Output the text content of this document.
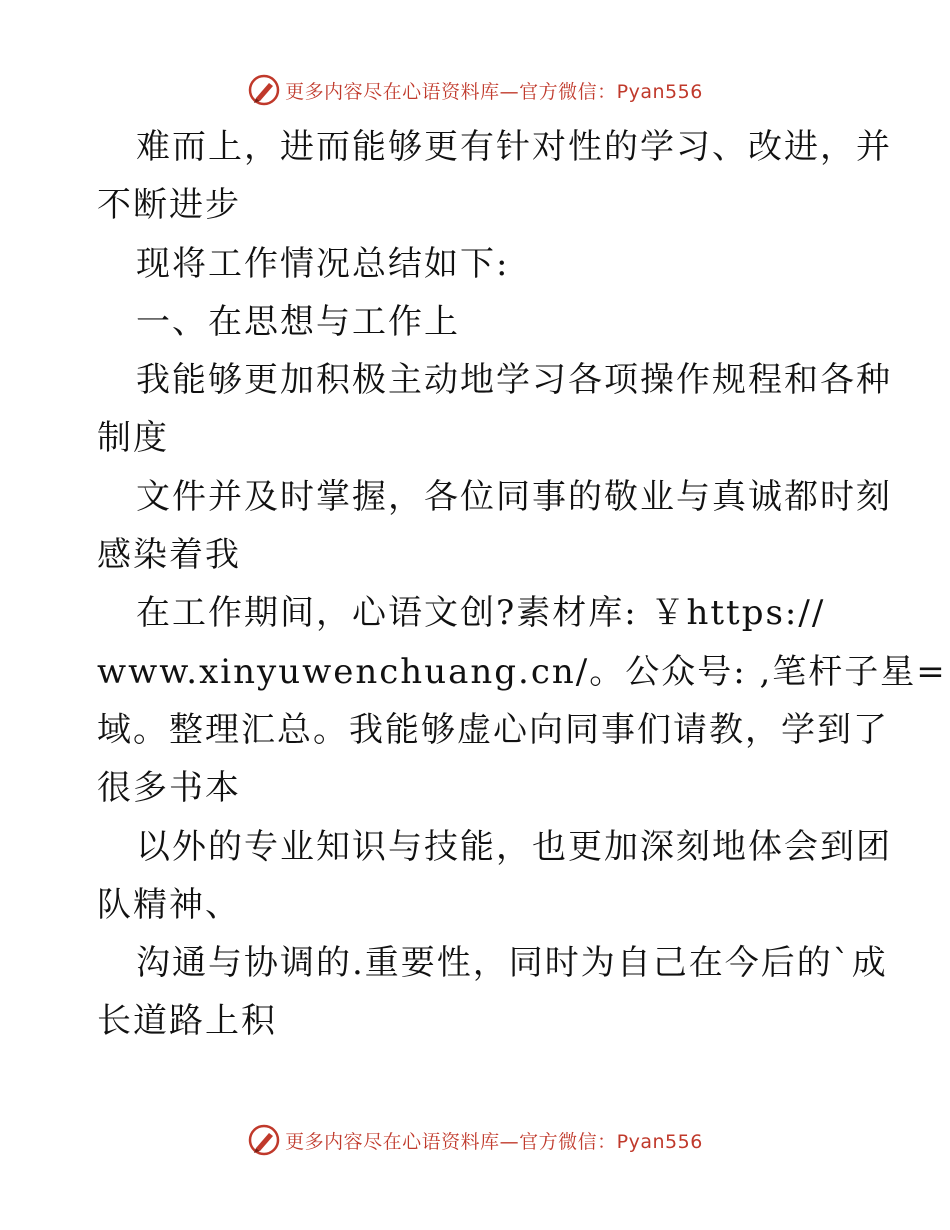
更多内容尽在心语资料库—官方微信：Pyan556
难而上，进而能够更有针对性的学习、改进，并
不断进步
现将工作情况总结如下:
一、在思想与工作上
我能够更加积极主动地学习各项操作规程和各种
制度
文件并及时掌握，各位同事的敬业与真诚都时刻
感染着我
在工作期间，心语文创?素材库: ￥https://
www.xinyuwenchuang.cn/。公众号: ,笔杆子星=
域。整理汇总。我能够虚心向同事们请教，学到了
很多书本
以外的专业知识与技能，也更加深刻地体会到团
队精神、
沟通与协调的.重要性，同时为自己在今后的`成
长道路上积
更多内容尽在心语资料库—官方微信：Pyan556
